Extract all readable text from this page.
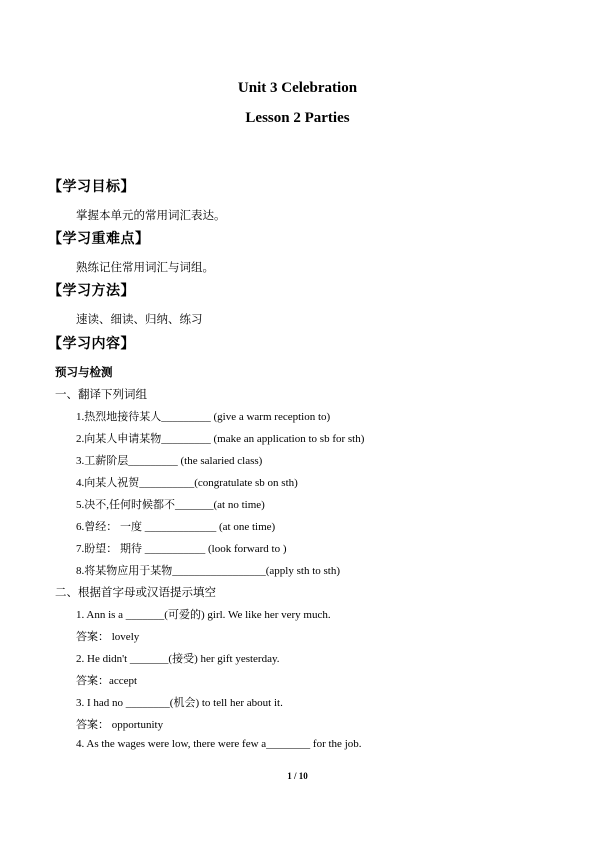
Unit 3 Celebration
Lesson 2 Parties
【学习目标】
掌握本单元的常用词汇表达。
【学习重难点】
熟练记住常用词汇与词组。
【学习方法】
速读、细读、归纳、练习
【学习内容】
预习与检测
一、翻译下列词组
1.热烈地接待某人_________ (give a warm reception to)
2.向某人申请某物_________ (make an application to sb for sth)
3.工薪阶层_________ (the salaried class)
4.向某人祝贺__________(congratulate sb on sth)
5.决不,任何时候都不_______(at no time)
6.曾经： 一度 _____________ (at one time)
7.盼望： 期待 ___________ (look forward to )
8.将某物应用于某物_________________(apply sth to sth)
二、根据首字母或汉语提示填空
1. Ann is a _______(可爱的) girl. We like her very much.
答案： lovely
2. He didn't _______(接受) her gift yesterday.
答案：accept
3. I had no ________(机会) to tell her about it.
答案： opportunity
4. As the wages were low, there were few a________ for the job.
1 / 10
